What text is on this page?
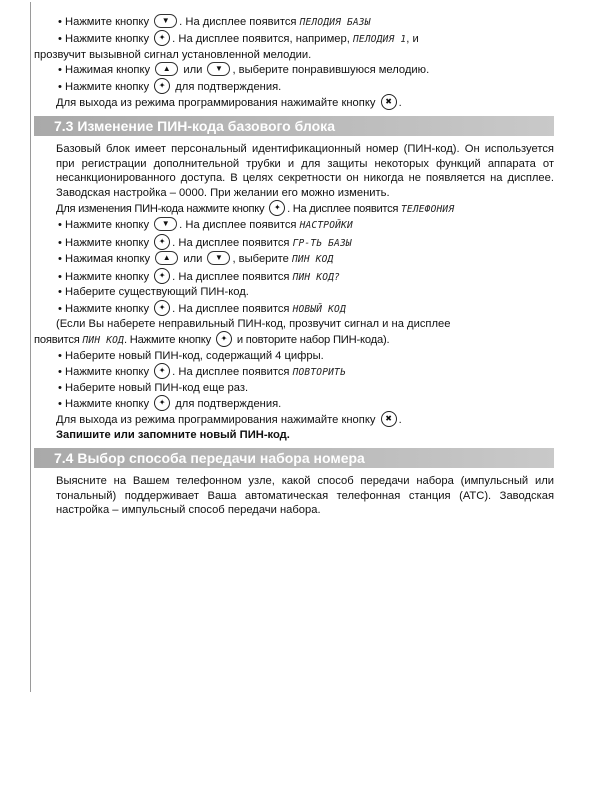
• Нажмите кнопку	▼ . На дисплее появится ПЕЛОДИЯ БАЗЫ

• Нажмите кнопку	✦ . На дисплее появится, например, ПЕЛОДИЯ 1, и

прозвучит вызывной сигнал установленной мелодии.

• Нажимая кнопку	▲	или	▼ , выберите понравившуюся мелодию.

• Нажмите кнопку	✦ для подтверждения.

Для выхода из режима программирования нажимайте кнопку	✖ .

7.3 Изменение ПИН-кода базового блока

Базовый блок имеет персональный идентификационный номер (ПИН-код). Он используется при регистрации дополнительной трубки и для защиты некоторых функций аппарата от несанкционированного доступа. В целях секретности он никогда не появляется на дисплее. Заводская настройка – 0000. При желании его можно изменить.

Для изменения ПИН-кода нажмите кнопку	✦ . На дисплее появится ТЕЛЕФОНИЯ

• Нажмите кнопку	▼ . На дисплее появится НАСТРОЙКИ

• Нажмите кнопку	✦ . На дисплее появится ГР-ТЬ БАЗЫ

• Нажимая кнопку	▲	или	▼ , выберите ПИН КОД

• Нажмите кнопку	✦ . На дисплее появится ПИН КОД?

• Наберите существующий ПИН-код.

• Нажмите кнопку	✦ . На дисплее появится НОВЫЙ КОД

(Если Вы наберете неправильный ПИН-код, прозвучит сигнал и на дисплее

появится ПИН КОД. Нажмите кнопку	✦ и повторите набор ПИН-кода).

• Наберите новый ПИН-код, содержащий 4 цифры.

• Нажмите кнопку	✦ . На дисплее появится ПОВТОРИТЬ

• Наберите новый ПИН-код еще раз.

• Нажмите кнопку	✦ для подтверждения.

Для выхода из режима программирования нажимайте кнопку	✖ .

Запишите или запомните новый ПИН-код.

7.4 Выбор способа передачи набора номера

Выясните на Вашем телефонном узле, какой способ передачи набора (импульсный или тональный) поддерживает Ваша автоматическая телефонная станция (АТС). Заводская настройка – импульсный способ передачи набора.
